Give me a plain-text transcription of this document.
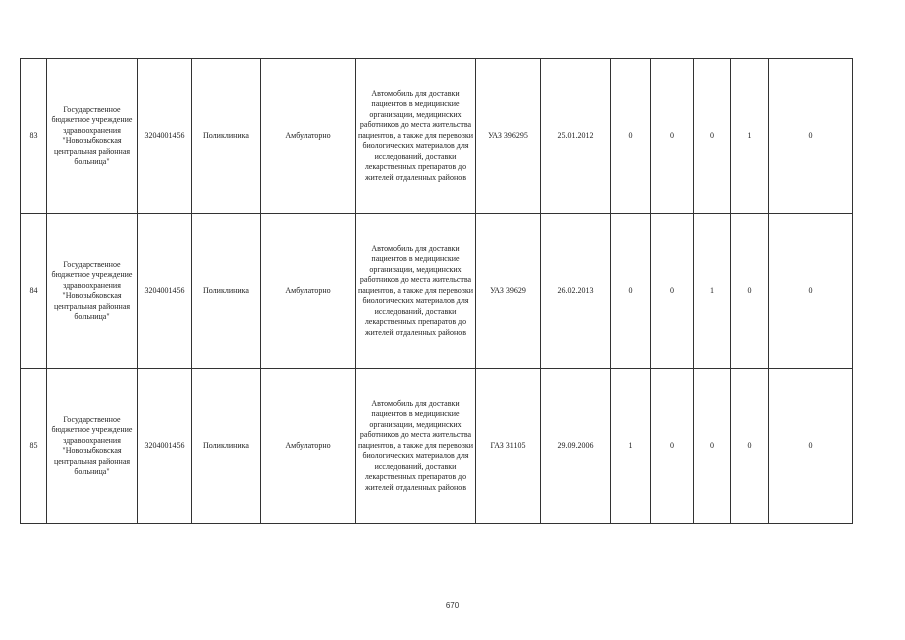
83	Государственное бюджетное учреждение здравоохранения "Новозыбковская центральная районная больница"	3204001456	Поликлиника	Амбулаторно	Автомобиль для доставки пациентов в медицинские организации, медицинских работников до места жительства пациентов, а также для перевозки биологических материалов для исследований, доставки лекарственных препаратов до жителей отдаленных районов	УАЗ 396295	25.01.2012	0	0	0	1	0
84	Государственное бюджетное учреждение здравоохранения "Новозыбковская центральная районная больница"	3204001456	Поликлиника	Амбулаторно	Автомобиль для доставки пациентов в медицинские организации, медицинских работников до места жительства пациентов, а также для перевозки биологических материалов для исследований, доставки лекарственных препаратов до жителей отдаленных районов	УАЗ 39629	26.02.2013	0	0	1	0	0
85	Государственное бюджетное учреждение здравоохранения "Новозыбковская центральная районная больница"	3204001456	Поликлиника	Амбулаторно	Автомобиль для доставки пациентов в медицинские организации, медицинских работников до места жительства пациентов, а также для перевозки биологических материалов для исследований, доставки лекарственных препаратов до жителей отдаленных районов	ГАЗ 31105	29.09.2006	1	0	0	0	0
670
